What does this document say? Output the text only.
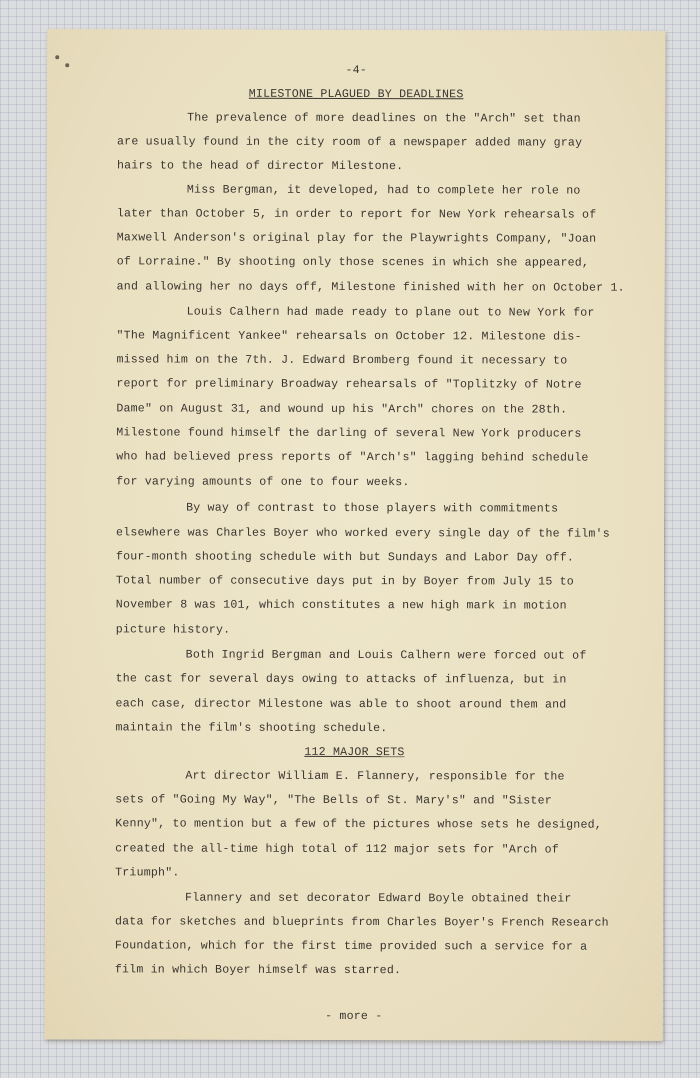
-4-
MILESTONE PLAGUED BY DEADLINES
The prevalence of more deadlines on the "Arch" set than
are usually found in the city room of a newspaper added many gray
hairs to the head of director Milestone.
Miss Bergman, it developed, had to complete her role no
later than October 5, in order to report for New York rehearsals of
Maxwell Anderson's original play for the Playwrights Company, "Joan
of Lorraine." By shooting only those scenes in which she appeared,
and allowing her no days off, Milestone finished with her on October 1.
Louis Calhern had made ready to plane out to New York for
"The Magnificent Yankee" rehearsals on October 12. Milestone dis-
missed him on the 7th. J. Edward Bromberg found it necessary to
report for preliminary Broadway rehearsals of "Toplitzky of Notre
Dame" on August 31, and wound up his "Arch" chores on the 28th.
Milestone found himself the darling of several New York producers
who had believed press reports of "Arch's" lagging behind schedule
for varying amounts of one to four weeks.
By way of contrast to those players with commitments
elsewhere was Charles Boyer who worked every single day of the film's
four-month shooting schedule with but Sundays and Labor Day off.
Total number of consecutive days put in by Boyer from July 15 to
November 8 was 101, which constitutes a new high mark in motion
picture history.
Both Ingrid Bergman and Louis Calhern were forced out of
the cast for several days owing to attacks of influenza, but in
each case, director Milestone was able to shoot around them and
maintain the film's shooting schedule.
112 MAJOR SETS
Art director William E. Flannery, responsible for the
sets of "Going My Way", "The Bells of St. Mary's" and "Sister
Kenny", to mention but a few of the pictures whose sets he designed,
created the all-time high total of 112 major sets for "Arch of
Triumph".
Flannery and set decorator Edward Boyle obtained their
data for sketches and blueprints from Charles Boyer's French Research
Foundation, which for the first time provided such a service for a
film in which Boyer himself was starred.
- more -
